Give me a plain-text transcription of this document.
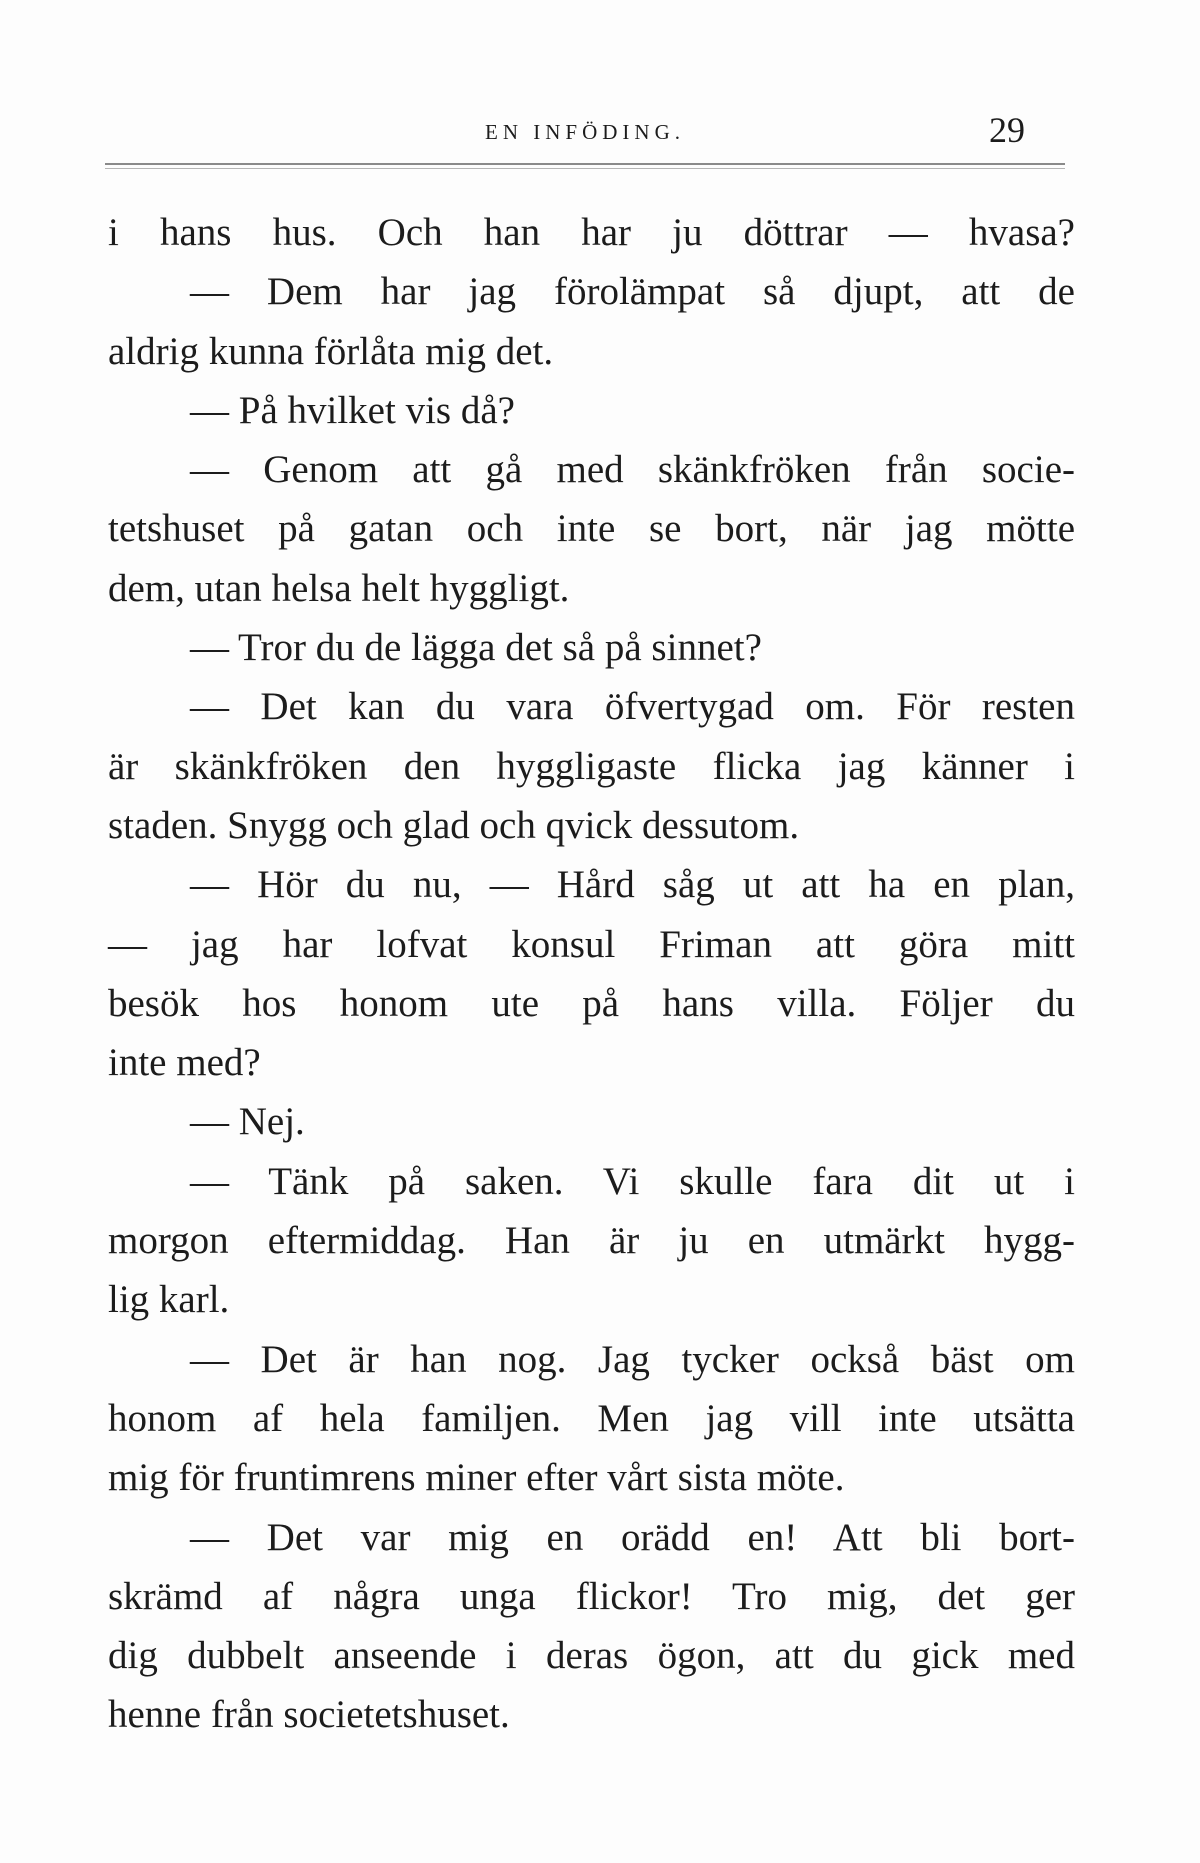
EN INFÖDING.	29
i hans hus. Och han har ju döttrar — hvasa?
— Dem har jag förolämpat så djupt, att de
aldrig kunna förlåta mig det.
— På hvilket vis då?
— Genom att gå med skänkfröken från socie-
tetshuset på gatan och inte se bort, när jag mötte
dem, utan helsa helt hyggligt.
— Tror du de lägga det så på sinnet?
— Det kan du vara öfvertygad om. För resten
är skänkfröken den hyggligaste flicka jag känner i
staden. Snygg och glad och qvick dessutom.
— Hör du nu, — Hård såg ut att ha en plan,
— jag har lofvat konsul Friman att göra mitt
besök hos honom ute på hans villa. Följer du
inte med?
— Nej.
— Tänk på saken. Vi skulle fara dit ut i
morgon eftermiddag. Han är ju en utmärkt hygg-
lig karl.
— Det är han nog. Jag tycker också bäst om
honom af hela familjen. Men jag vill inte utsätta
mig för fruntimrens miner efter vårt sista möte.
— Det var mig en orädd en! Att bli bort-
skrämd af några unga flickor! Tro mig, det ger
dig dubbelt anseende i deras ögon, att du gick med
henne från societetshuset.
